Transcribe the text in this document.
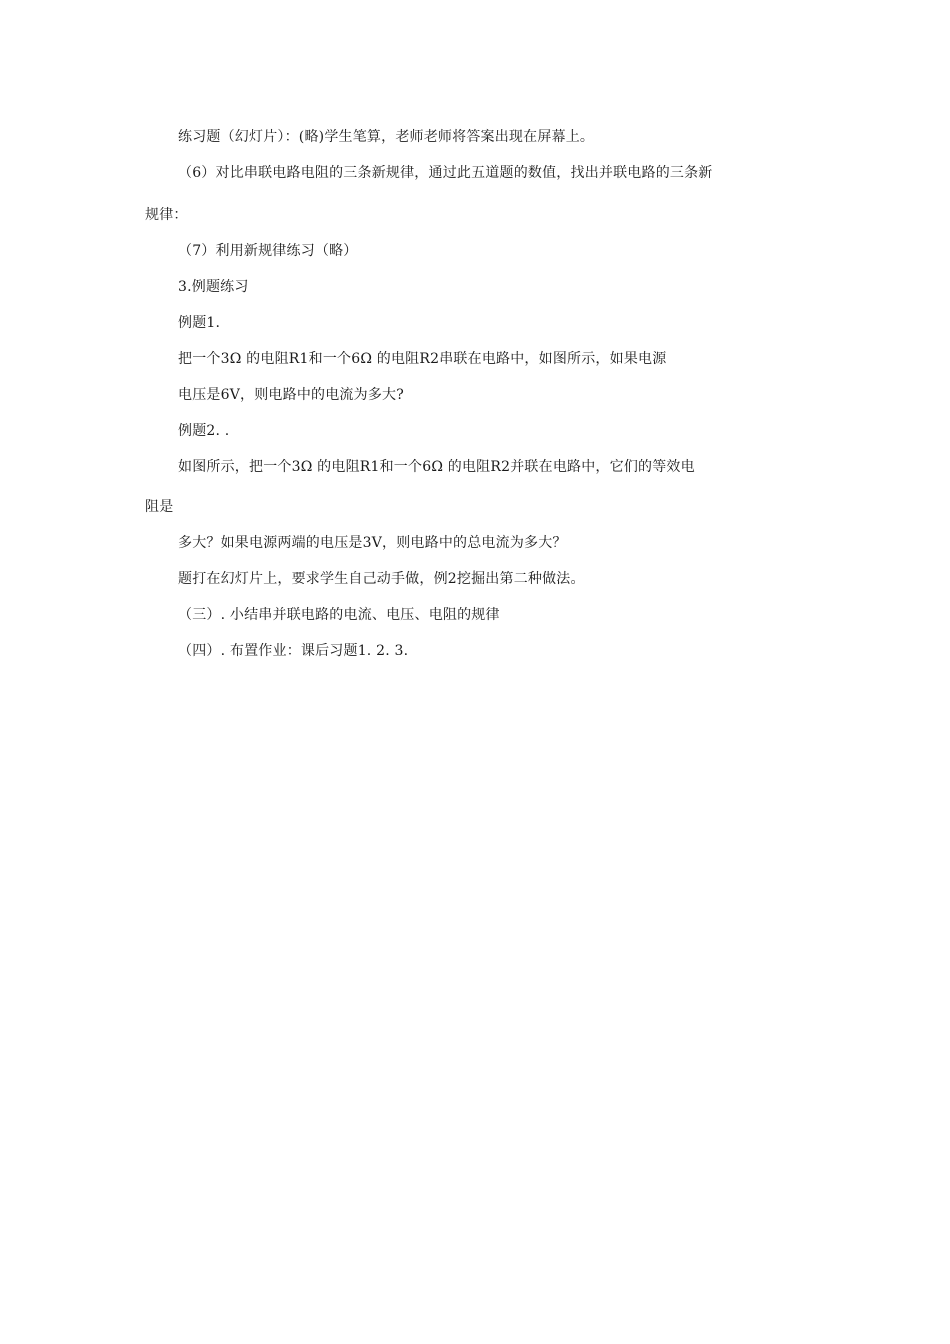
练习题（幻灯片）：(略)学生笔算，老师老师将答案出现在屏幕上。
（6）对比串联电路电阻的三条新规律，通过此五道题的数值，找出并联电路的三条新
规律：
（7）利用新规律练习（略）
3.例题练习
例题1.
把一个3Ω 的电阻R1和一个6Ω 的电阻R2串联在电路中，如图所示，如果电源
电压是6V，则电路中的电流为多大?
例题2. .
如图所示，把一个3Ω 的电阻R1和一个6Ω 的电阻R2并联在电路中，它们的等效电
阻是
多大？如果电源两端的电压是3V，则电路中的总电流为多大？
题打在幻灯片上，要求学生自己动手做，例2挖掘出第二种做法。
（三）. 小结串并联电路的电流、电压、电阻的规律
（四）. 布置作业：课后习题1. 2. 3.
